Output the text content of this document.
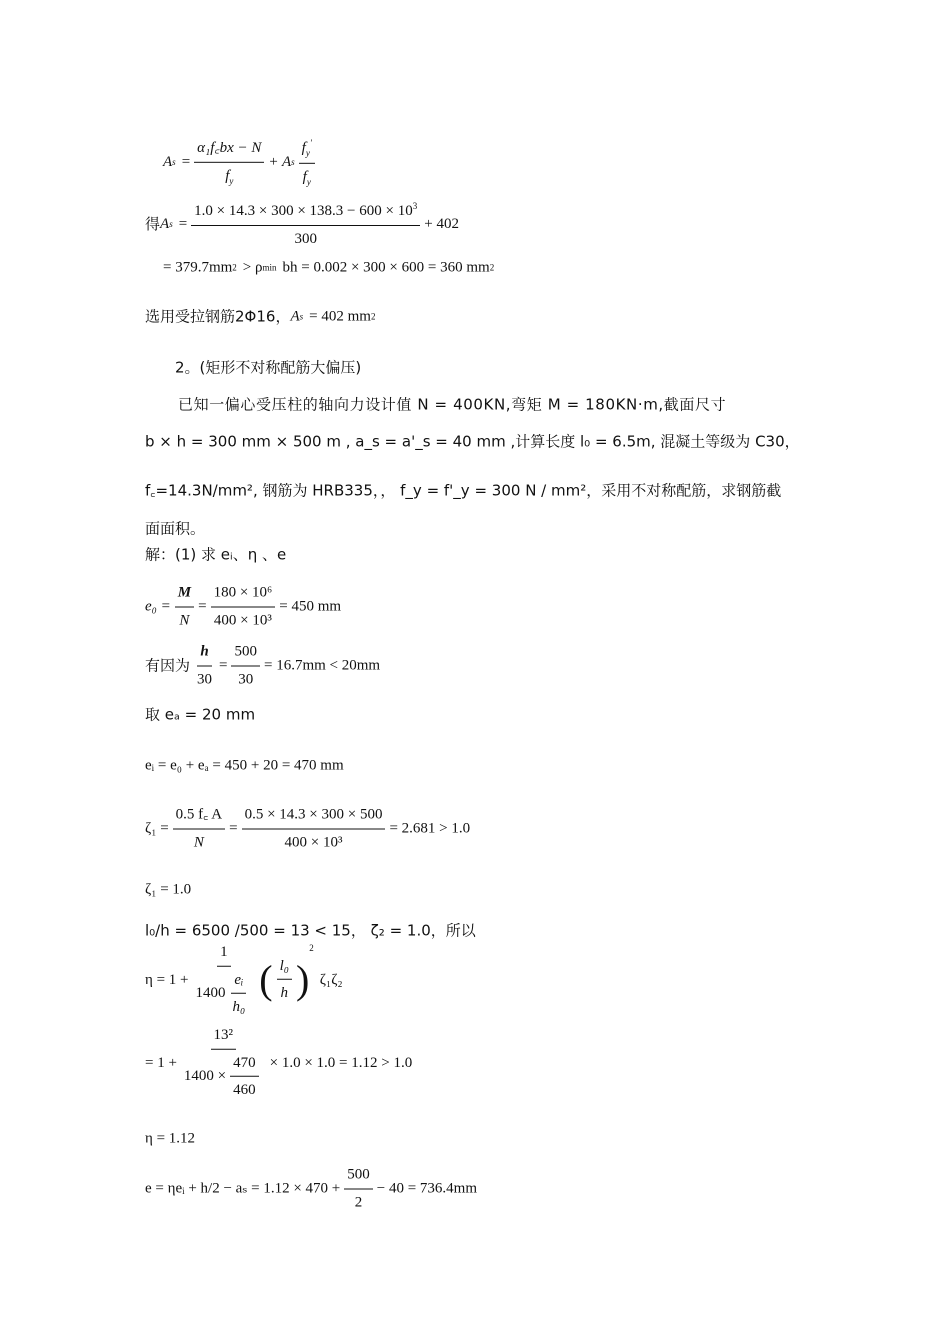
A $s = \frac{\text{α₁f꜀bx − N}}{f_y} + A$ s $\frac{f_y'}{f_y}$
得 A $s = \frac{1.0 \times 14.3 \times 300 \times 138.3 - 600 \times 10^3}{300} + 402$
= 379.7mm 2 > ρ min bh = 0.002 × 300 × 600 = 360 mm 2
选用受拉钢筋2Φ16， A s = 402 mm 2
2。(矩形不对称配筋大偏压)
已知一偏心受压柱的轴向力设计值 N = 400KN,弯矩 M = 180KN·m,截面尺寸
b × h = 300 mm × 500 m , a_s = a'_s = 40 mm ,计算长度 l₀ = 6.5m, 混凝土等级为 C30，
f꜀=14.3N/mm², 钢筋为 HRB335，， f_y = f'_y = 300 N / mm²，采用不对称配筋，求钢筋截
面面积。
解：(1) 求 eᵢ、η 、e
$e_0 = \frac{M}{N} = \frac{\text{180 × 10⁶}}{\text{400 × 10³}} = 450$ mm
有因为 $\frac{h}{30} = \frac{500}{30} = 16.7mm < 20mm$
取 eₐ = 20 mm
eᵢ = e₀ + eₐ = 450 + 20 = 470 mm
$\zeta_1 = \frac{0.5 f꜀ A}{N} = \frac{0.5 \times 14.3 \times 300 \times 500}{\text{400 × 10³}} = 2.681 > 1.0$
ζ₁ = 1.0
l₀/h = 6500 /500 = 13 < 15， ζ₂ = 1.0，所以
$\eta = 1 + \frac{1}{1400 \frac{\text{eᵢ}}{\text{h₀}}}$ ( $\frac{\text{l₀}}{h}$ )
2
ζ₁ζ₂
= $1 + \frac{\text{13²}}{1400 \times \frac{470}{460}} \times 1.0 \times 1.0 = 1.12 > 1.0$
η = 1.12
e = ηeᵢ + $h/2 - a_s = 1.12 \times 470 + \frac{500}{2} - 40 = 736.4mm$
